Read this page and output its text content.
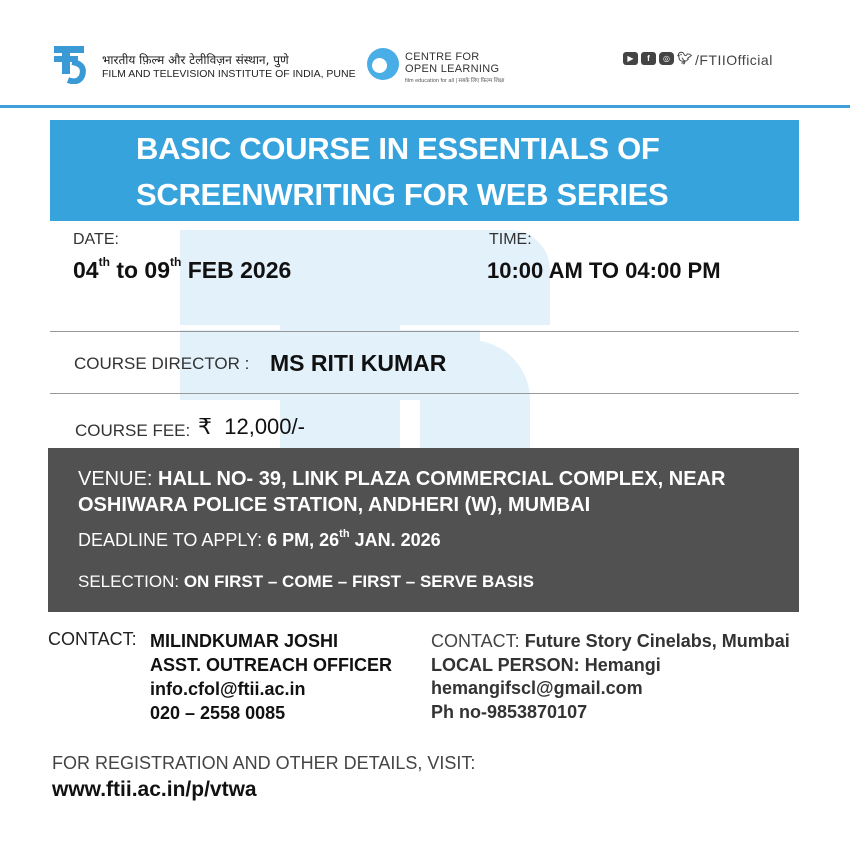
भारतीय फ़िल्म और टेलीविज़न संस्थान, पुणे
FILM AND TELEVISION INSTITUTE OF INDIA, PUNE
CENTRE FOR
OPEN LEARNING
film education for all | सबके लिए फ़िल्म शिक्षा
▶	f	◎ 🐦︎ /FTIIOfficial
BASIC COURSE IN ESSENTIALS OF
SCREENWRITING FOR WEB SERIES
DATE:
04th to 09th FEB 2026
TIME:
10:00 AM TO 04:00 PM
COURSE DIRECTOR : MS RITI KUMAR
COURSE FEE: ₹ 12,000/-
VENUE: HALL NO- 39, LINK PLAZA COMMERCIAL COMPLEX, NEAR
OSHIWARA POLICE STATION, ANDHERI (W), MUMBAI
DEADLINE TO APPLY: 6 PM, 26th JAN. 2026
SELECTION: ON FIRST – COME – FIRST – SERVE BASIS
CONTACT: MILINDKUMAR JOSHI
ASST. OUTREACH OFFICER
info.cfol@ftii.ac.in
020 – 2558 0085
CONTACT: Future Story Cinelabs, Mumbai
LOCAL PERSON: Hemangi
hemangifscl@gmail.com
Ph no-9853870107
FOR REGISTRATION AND OTHER DETAILS, VISIT:
www.ftii.ac.in/p/vtwa
